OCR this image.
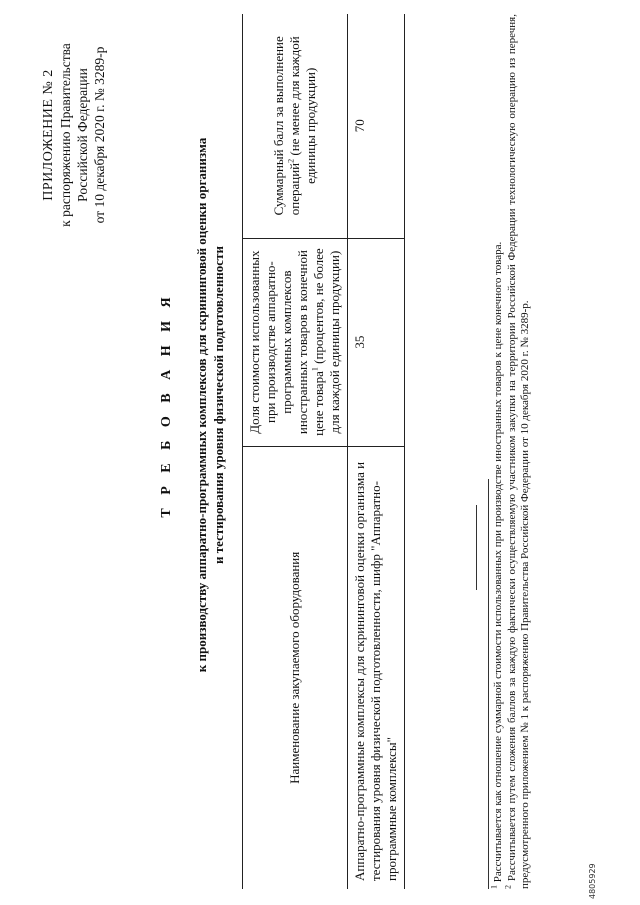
ПРИЛОЖЕНИЕ № 2 к распоряжению Правительства Российской Федерации от 10 декабря 2020 г. № 3289-р
Т Р Е Б О В А Н И Я к производству аппаратно-программных комплексов для скрининговой оценки организма и тестирования уровня физической подготовленности
Наименование закупаемого оборудования	Доля стоимости использованных при производстве аппаратно-программных комплексов иностранных товаров в конечной цене товара$^1$ (процентов, не более для каждой единицы продукции)	Суммарный балл за выполнение операций$^2$ (не менее для каждой единицы продукции)
Аппаратно-программные комплексы для скрининговой оценки организма и тестирования уровня физической подготовленности, шифр "Аппаратно-программные комплексы"	35	70

$^1$ Рассчитывается как отношение суммарной стоимости использованных при производстве иностранных товаров к цене конечного товара.

$^2$ Рассчитывается путем сложения баллов за каждую фактически осуществляемую участником закупки на территории Российской Федерации технологическую операцию из перечня, предусмотренного приложением № 1 к распоряжению Правительства Российской Федерации от 10 декабря 2020 г. № 3289-р.	4805929
